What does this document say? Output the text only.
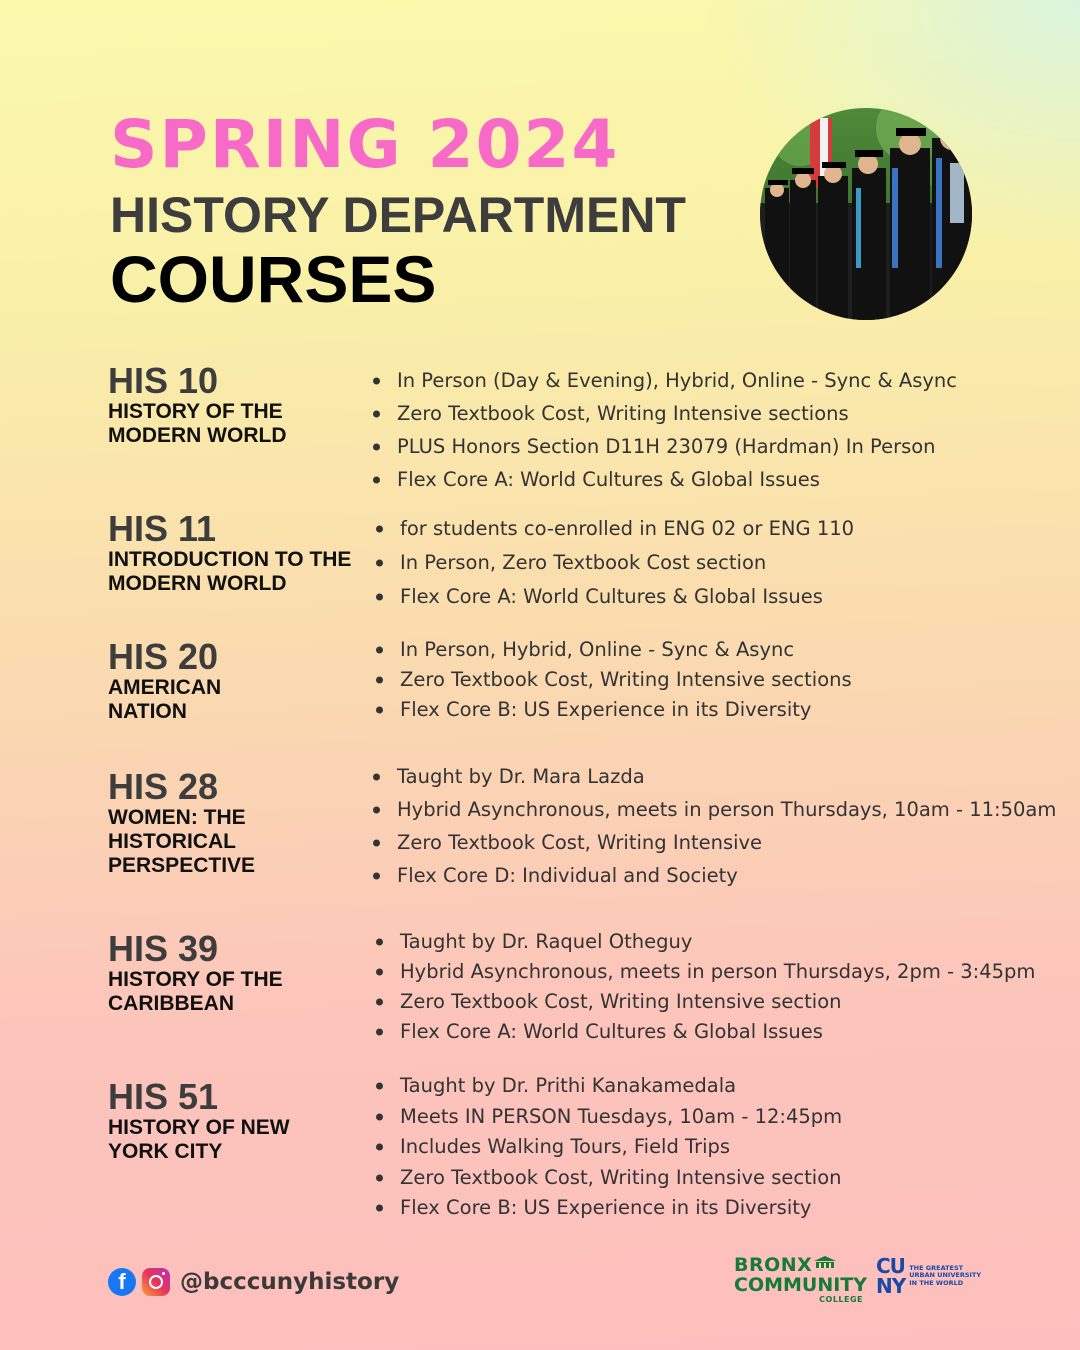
SPRING 2024
HISTORY DEPARTMENT
COURSES
HIS 10
HISTORY OF THE MODERN WORLD
In Person (Day & Evening), Hybrid, Online - Sync & Async
Zero Textbook Cost, Writing Intensive sections
PLUS Honors Section D11H 23079 (Hardman) In Person
Flex Core A: World Cultures & Global Issues
HIS 11
INTRODUCTION TO THE MODERN WORLD
for students co-enrolled in ENG 02 or ENG 110
In Person, Zero Textbook Cost section
Flex Core A: World Cultures & Global Issues
HIS 20
AMERICAN NATION
In Person, Hybrid, Online - Sync & Async
Zero Textbook Cost, Writing Intensive sections
Flex Core B: US Experience in its Diversity
HIS 28
WOMEN: THE HISTORICAL PERSPECTIVE
Taught by Dr. Mara Lazda
Hybrid Asynchronous, meets in person Thursdays, 10am - 11:50am
Zero Textbook Cost, Writing Intensive
Flex Core D: Individual and Society
HIS 39
HISTORY OF THE CARIBBEAN
Taught by Dr. Raquel Otheguy
Hybrid Asynchronous, meets in person Thursdays, 2pm - 3:45pm
Zero Textbook Cost, Writing Intensive section
Flex Core A: World Cultures & Global Issues
HIS 51
HISTORY OF NEW YORK CITY
Taught by Dr. Prithi Kanakamedala
Meets IN PERSON Tuesdays, 10am - 12:45pm
Includes Walking Tours, Field Trips
Zero Textbook Cost, Writing Intensive section
Flex Core B: US Experience in its Diversity
f	@bcccunyhistory
BRONX
COMMUNITY
COLLEGE
CU
NY
THE GREATEST
URBAN UNIVERSITY
IN THE WORLD
